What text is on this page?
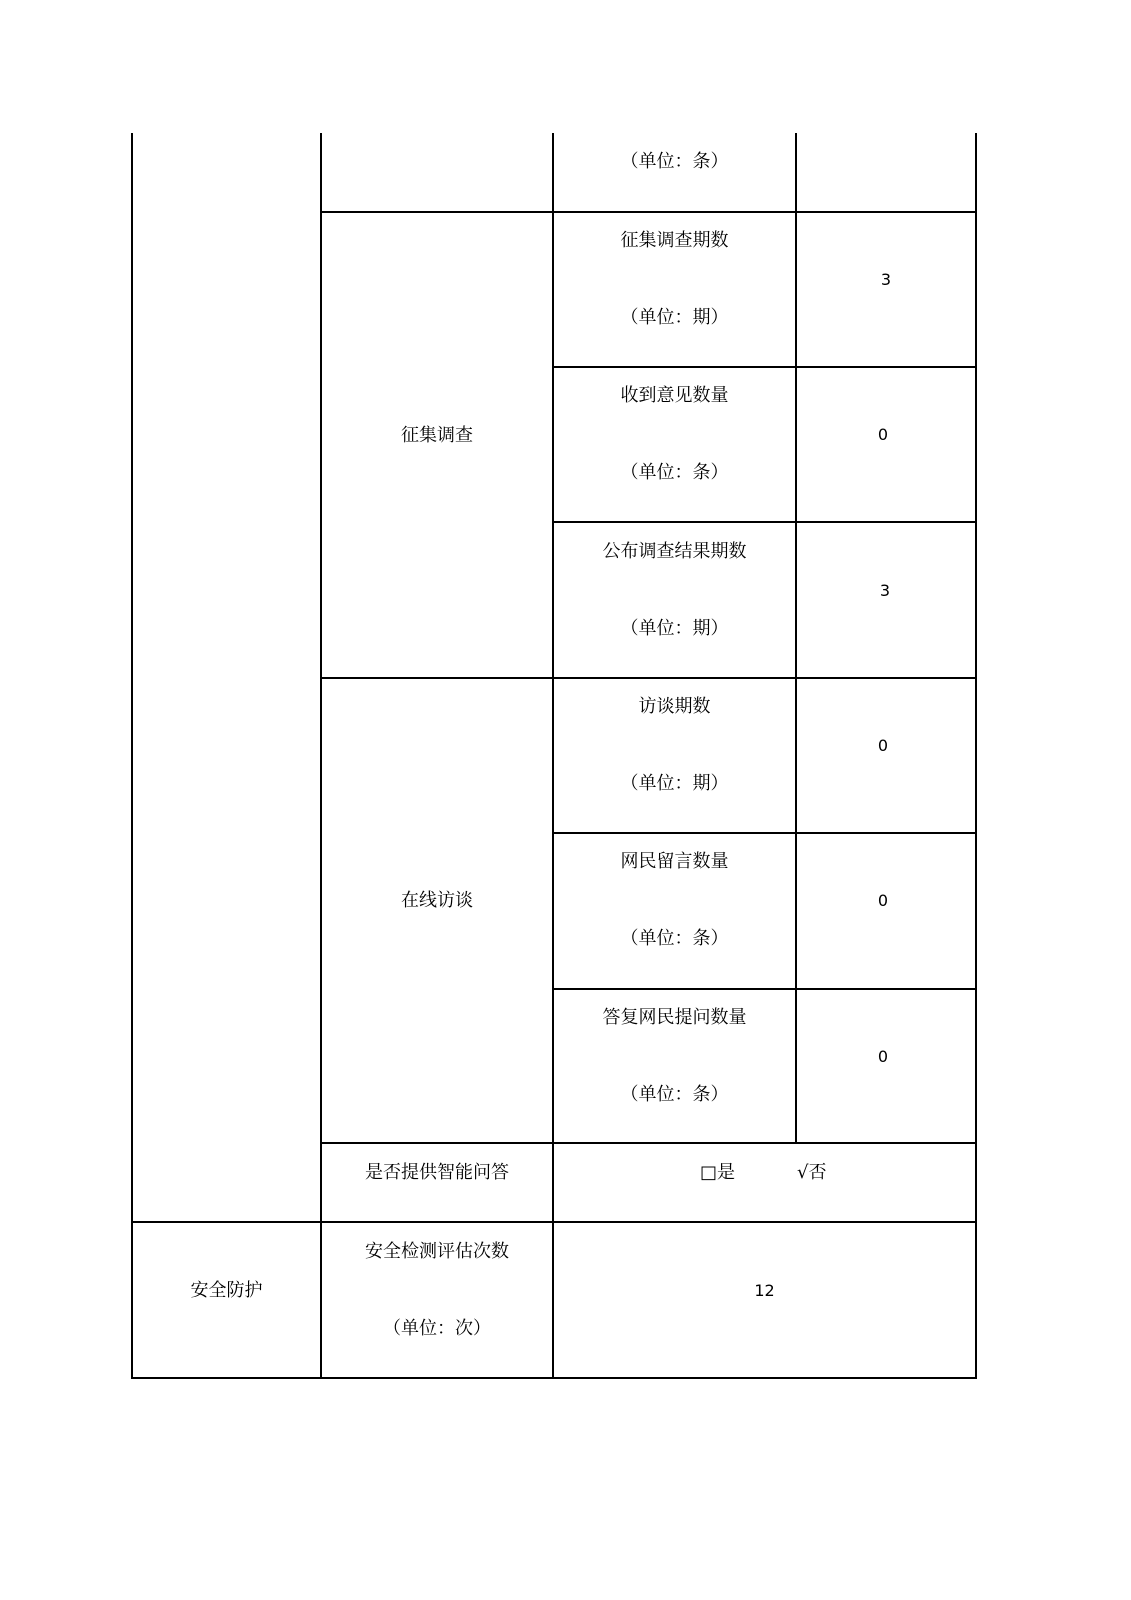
（单位：条）
征集调查
征集调查期数
（单位：期）
3
收到意见数量
（单位：条）
0
公布调查结果期数
（单位：期）
3
在线访谈
访谈期数
（单位：期）
0
网民留言数量
（单位：条）
0
答复网民提问数量
（单位：条）
0
是否提供智能问答	□是	√否
安全防护
安全检测评估次数
（单位：次）
12
